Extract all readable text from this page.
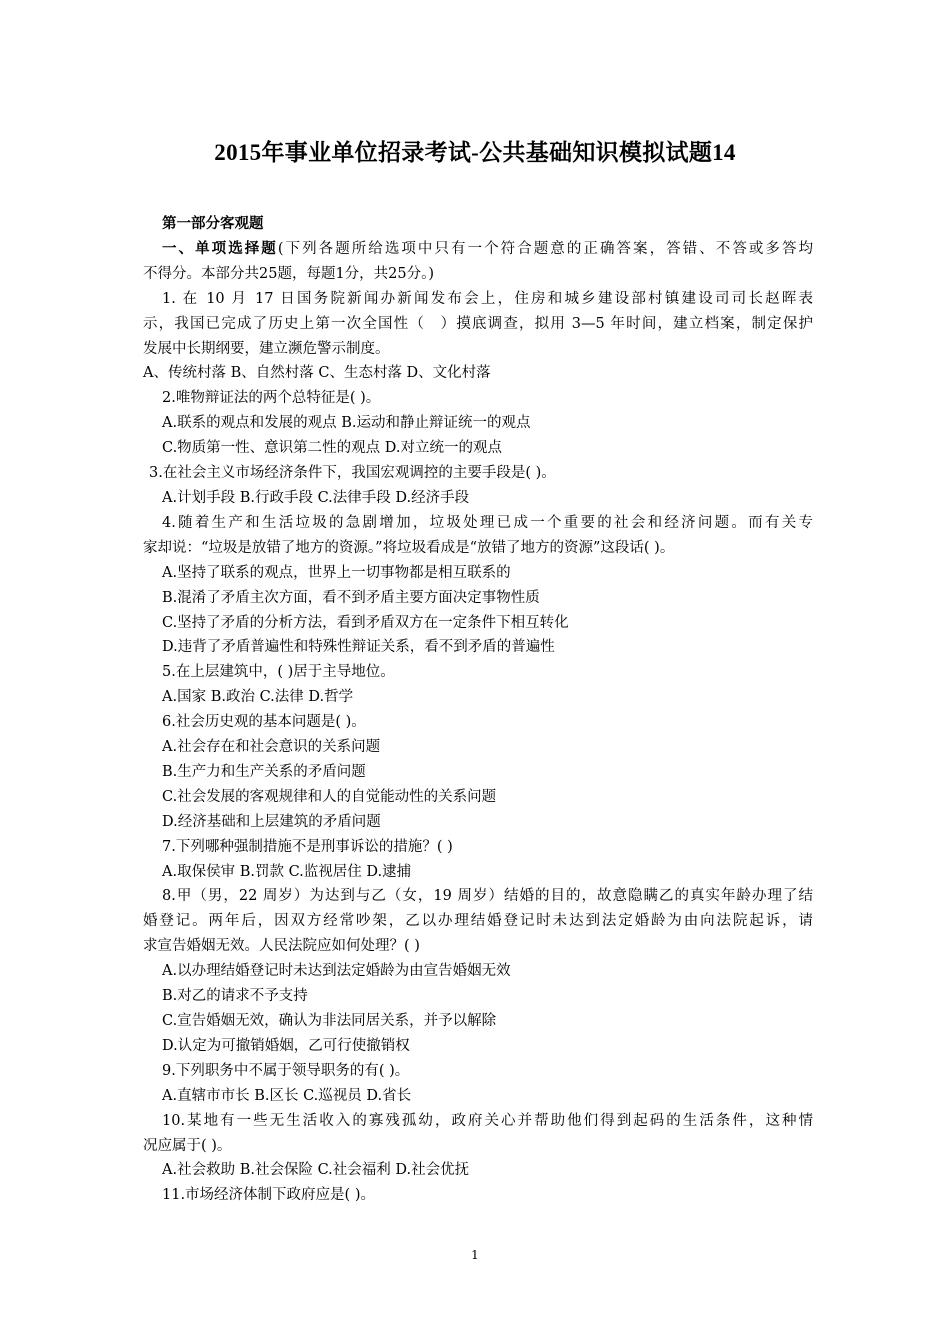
2015年事业单位招录考试-公共基础知识模拟试题14
第一部分客观题
一、单项选择题(下列各题所给选项中只有一个符合题意的正确答案，答错、不答或多答均
不得分。本部分共25题，每题1分，共25分。)
1. 在 10 月 17 日国务院新闻办新闻发布会上，住房和城乡建设部村镇建设司司长赵晖表
示，我国已完成了历史上第一次全国性（　）摸底调查，拟用 3—5 年时间，建立档案，制定保护
发展中长期纲要，建立濒危警示制度。
A、传统村落 B、自然村落 C、生态村落 D、文化村落
2.唯物辩证法的两个总特征是( )。
A.联系的观点和发展的观点 B.运动和静止辩证统一的观点
C.物质第一性、意识第二性的观点 D.对立统一的观点
3.在社会主义市场经济条件下，我国宏观调控的主要手段是( )。
A.计划手段 B.行政手段 C.法律手段 D.经济手段
4.随着生产和生活垃圾的急剧增加，垃圾处理已成一个重要的社会和经济问题。而有关专
家却说：“垃圾是放错了地方的资源。”将垃圾看成是“放错了地方的资源”这段话( )。
A.坚持了联系的观点，世界上一切事物都是相互联系的
B.混淆了矛盾主次方面，看不到矛盾主要方面决定事物性质
C.坚持了矛盾的分析方法，看到矛盾双方在一定条件下相互转化
D.违背了矛盾普遍性和特殊性辩证关系，看不到矛盾的普遍性
5.在上层建筑中，( )居于主导地位。
A.国家 B.政治 C.法律 D.哲学
6.社会历史观的基本问题是( )。
A.社会存在和社会意识的关系问题
B.生产力和生产关系的矛盾问题
C.社会发展的客观规律和人的自觉能动性的关系问题
D.经济基础和上层建筑的矛盾问题
7.下列哪种强制措施不是刑事诉讼的措施？( )
A.取保侯审 B.罚款 C.监视居住 D.逮捕
8.甲（男，22 周岁）为达到与乙（女，19 周岁）结婚的目的，故意隐瞒乙的真实年龄办理了结
婚登记。两年后，因双方经常吵架，乙以办理结婚登记时未达到法定婚龄为由向法院起诉，请
求宣告婚姻无效。人民法院应如何处理？( )
A.以办理结婚登记时未达到法定婚龄为由宣告婚姻无效
B.对乙的请求不予支持
C.宣告婚姻无效，确认为非法同居关系，并予以解除
D.认定为可撤销婚姻，乙可行使撤销权
9.下列职务中不属于领导职务的有( )。
A.直辖市市长 B.区长 C.巡视员 D.省长
10.某地有一些无生活收入的寡残孤幼，政府关心并帮助他们得到起码的生活条件，这种情
况应属于( )。
A.社会救助 B.社会保险 C.社会福利 D.社会优抚
11.市场经济体制下政府应是( )。
1
